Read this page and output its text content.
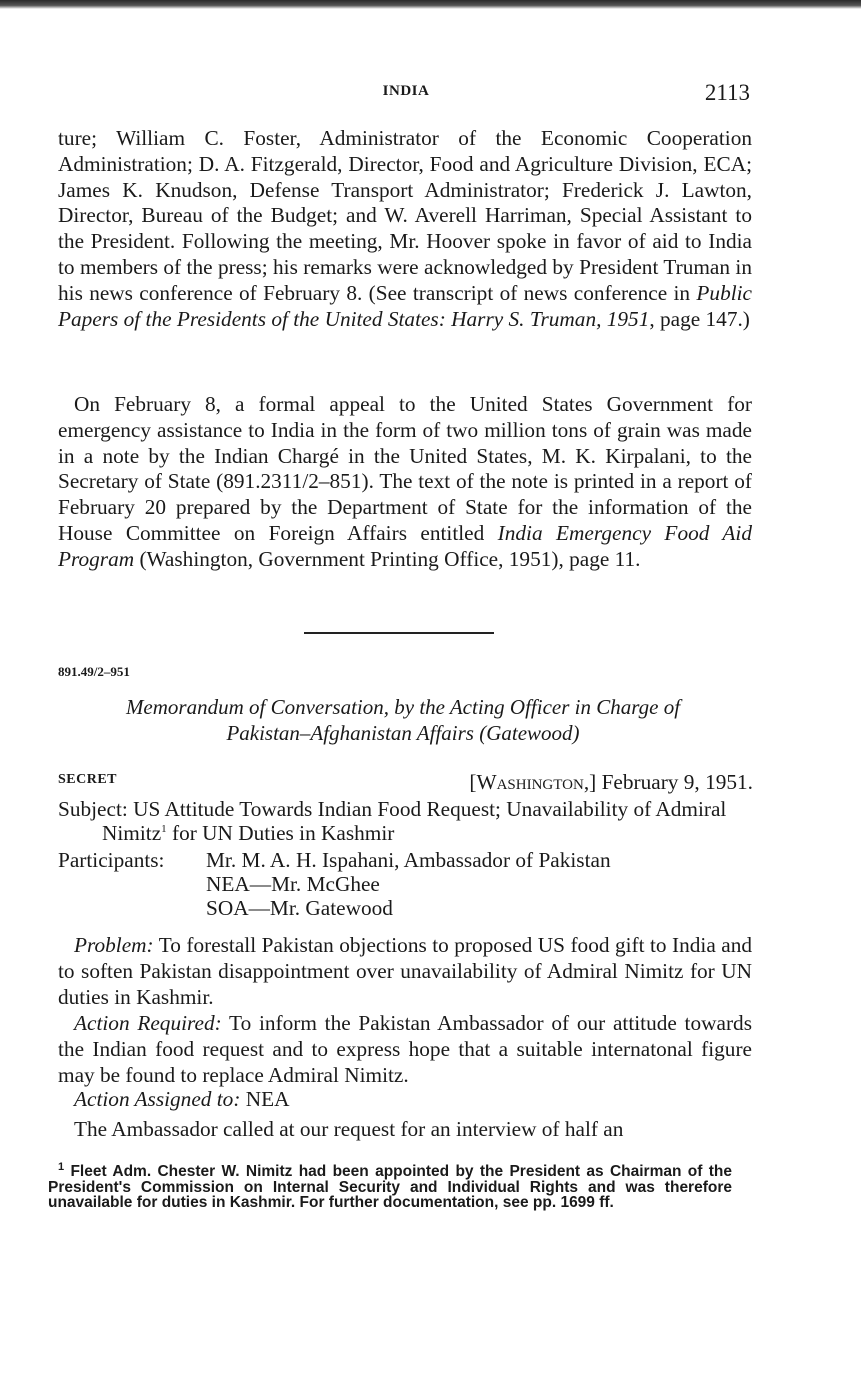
INDIA	2113

ture; William C. Foster, Administrator of the Economic Cooperation Administration; D. A. Fitzgerald, Director, Food and Agriculture Division, ECA; James K. Knudson, Defense Transport Administrator; Frederick J. Lawton, Director, Bureau of the Budget; and W. Averell Harriman, Special Assistant to the President. Following the meeting, Mr. Hoover spoke in favor of aid to India to members of the press; his remarks were acknowledged by President Truman in his news conference of February 8. (See transcript of news conference in Public Papers of the Presidents of the United States: Harry S. Truman, 1951, page 147.)

On February 8, a formal appeal to the United States Government for emergency assistance to India in the form of two million tons of grain was made in a note by the Indian Chargé in the United States, M. K. Kirpalani, to the Secretary of State (891.2311/2–851). The text of the note is printed in a report of February 20 prepared by the Department of State for the information of the House Committee on Foreign Affairs entitled India Emergency Food Aid Program (Washington, Government Printing Office, 1951), page 11.

891.49/2–951
Memorandum of Conversation, by the Acting Officer in Charge of
Pakistan–Afghanistan Affairs (Gatewood)
SECRET	[Washington,] February 9, 1951.
Subject: US Attitude Towards Indian Food Request; Unavailability of Admiral Nimitz$^1$ for UN Duties in Kashmir
Participants:	Mr. M. A. H. Ispahani, Ambassador of Pakistan
NEA—Mr. McGhee
SOA—Mr. Gatewood

Problem: To forestall Pakistan objections to proposed US food gift to India and to soften Pakistan disappointment over unavailability of Admiral Nimitz for UN duties in Kashmir.

Action Required: To inform the Pakistan Ambassador of our attitude towards the Indian food request and to express hope that a suitable internatonal figure may be found to replace Admiral Nimitz.

Action Assigned to: NEA

The Ambassador called at our request for an interview of half an

$^1$ Fleet Adm. Chester W. Nimitz had been appointed by the President as Chairman of the President's Commission on Internal Security and Individual Rights and was therefore unavailable for duties in Kashmir. For further documentation, see pp. 1699 ff.
